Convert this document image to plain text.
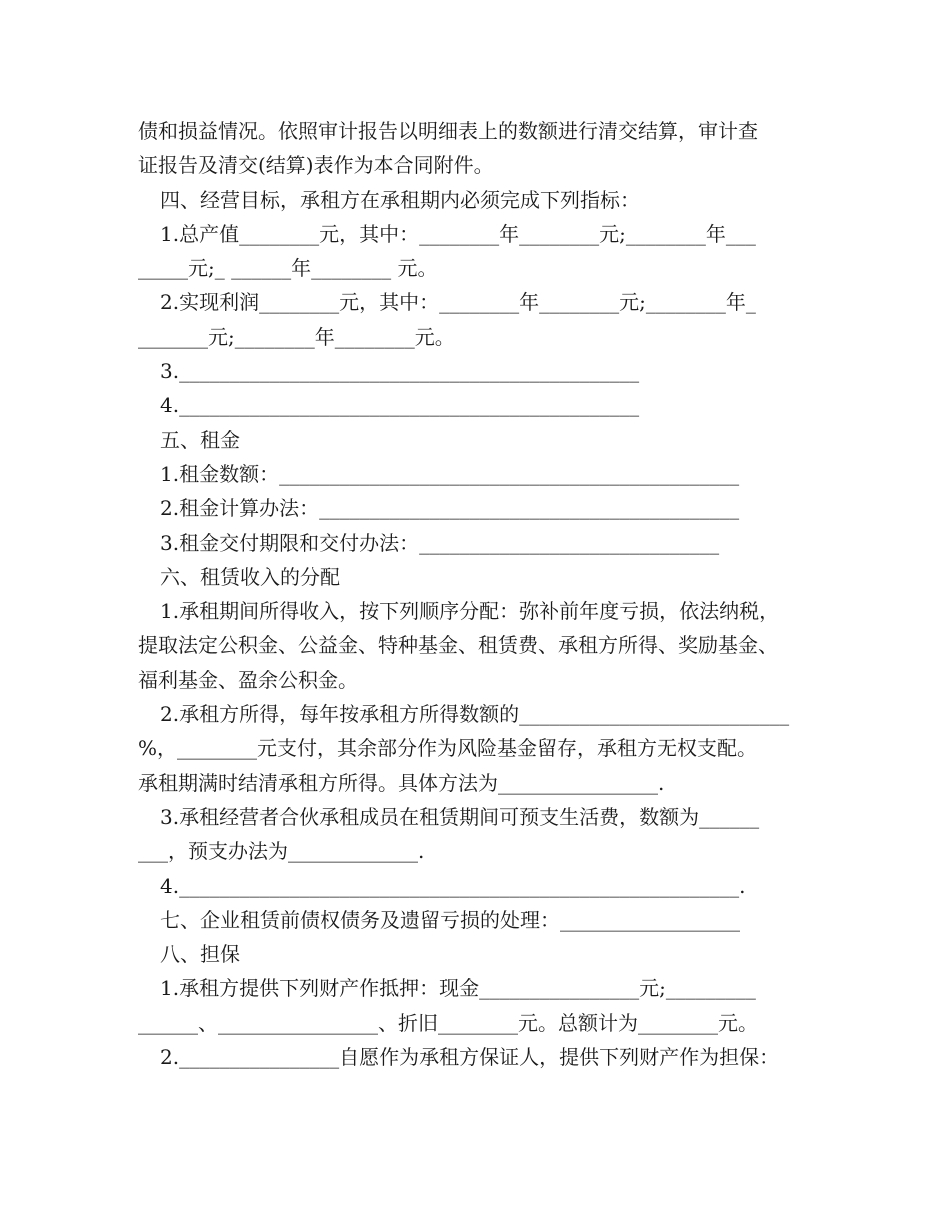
债和损益情况。依照审计报告以明细表上的数额进行清交结算，审计查
证报告及清交(结算)表作为本合同附件。
四、经营目标，承租方在承租期内必须完成下列指标：
1.总产值________元，其中：________年________元;________年___
_____元;_ ______年________ 元。
2.实现利润________元，其中：________年________元;________年_
_______元;________年________元。
3.______________________________________________
4.______________________________________________
五、租金
1.租金数额：______________________________________________
2.租金计算办法：__________________________________________
3.租金交付期限和交付办法：______________________________
六、租赁收入的分配
1.承租期间所得收入，按下列顺序分配：弥补前年度亏损，依法纳税，
提取法定公积金、公益金、特种基金、租赁费、承租方所得、奖励基金、
福利基金、盈余公积金。
2.承租方所得，每年按承租方所得数额的___________________________
%，________元支付，其余部分作为风险基金留存，承租方无权支配。
承租期满时结清承租方所得。具体方法为________________.
3.承租经营者合伙承租成员在租赁期间可预支生活费，数额为______
___，预支办法为_____________.
4.________________________________________________________.
七、企业租赁前债权债务及遗留亏损的处理：__________________
八、担保
1.承租方提供下列财产作抵押：现金________________元;_________
______、________________、折旧________元。总额计为________元。
2.________________自愿作为承租方保证人，提供下列财产作为担保：
